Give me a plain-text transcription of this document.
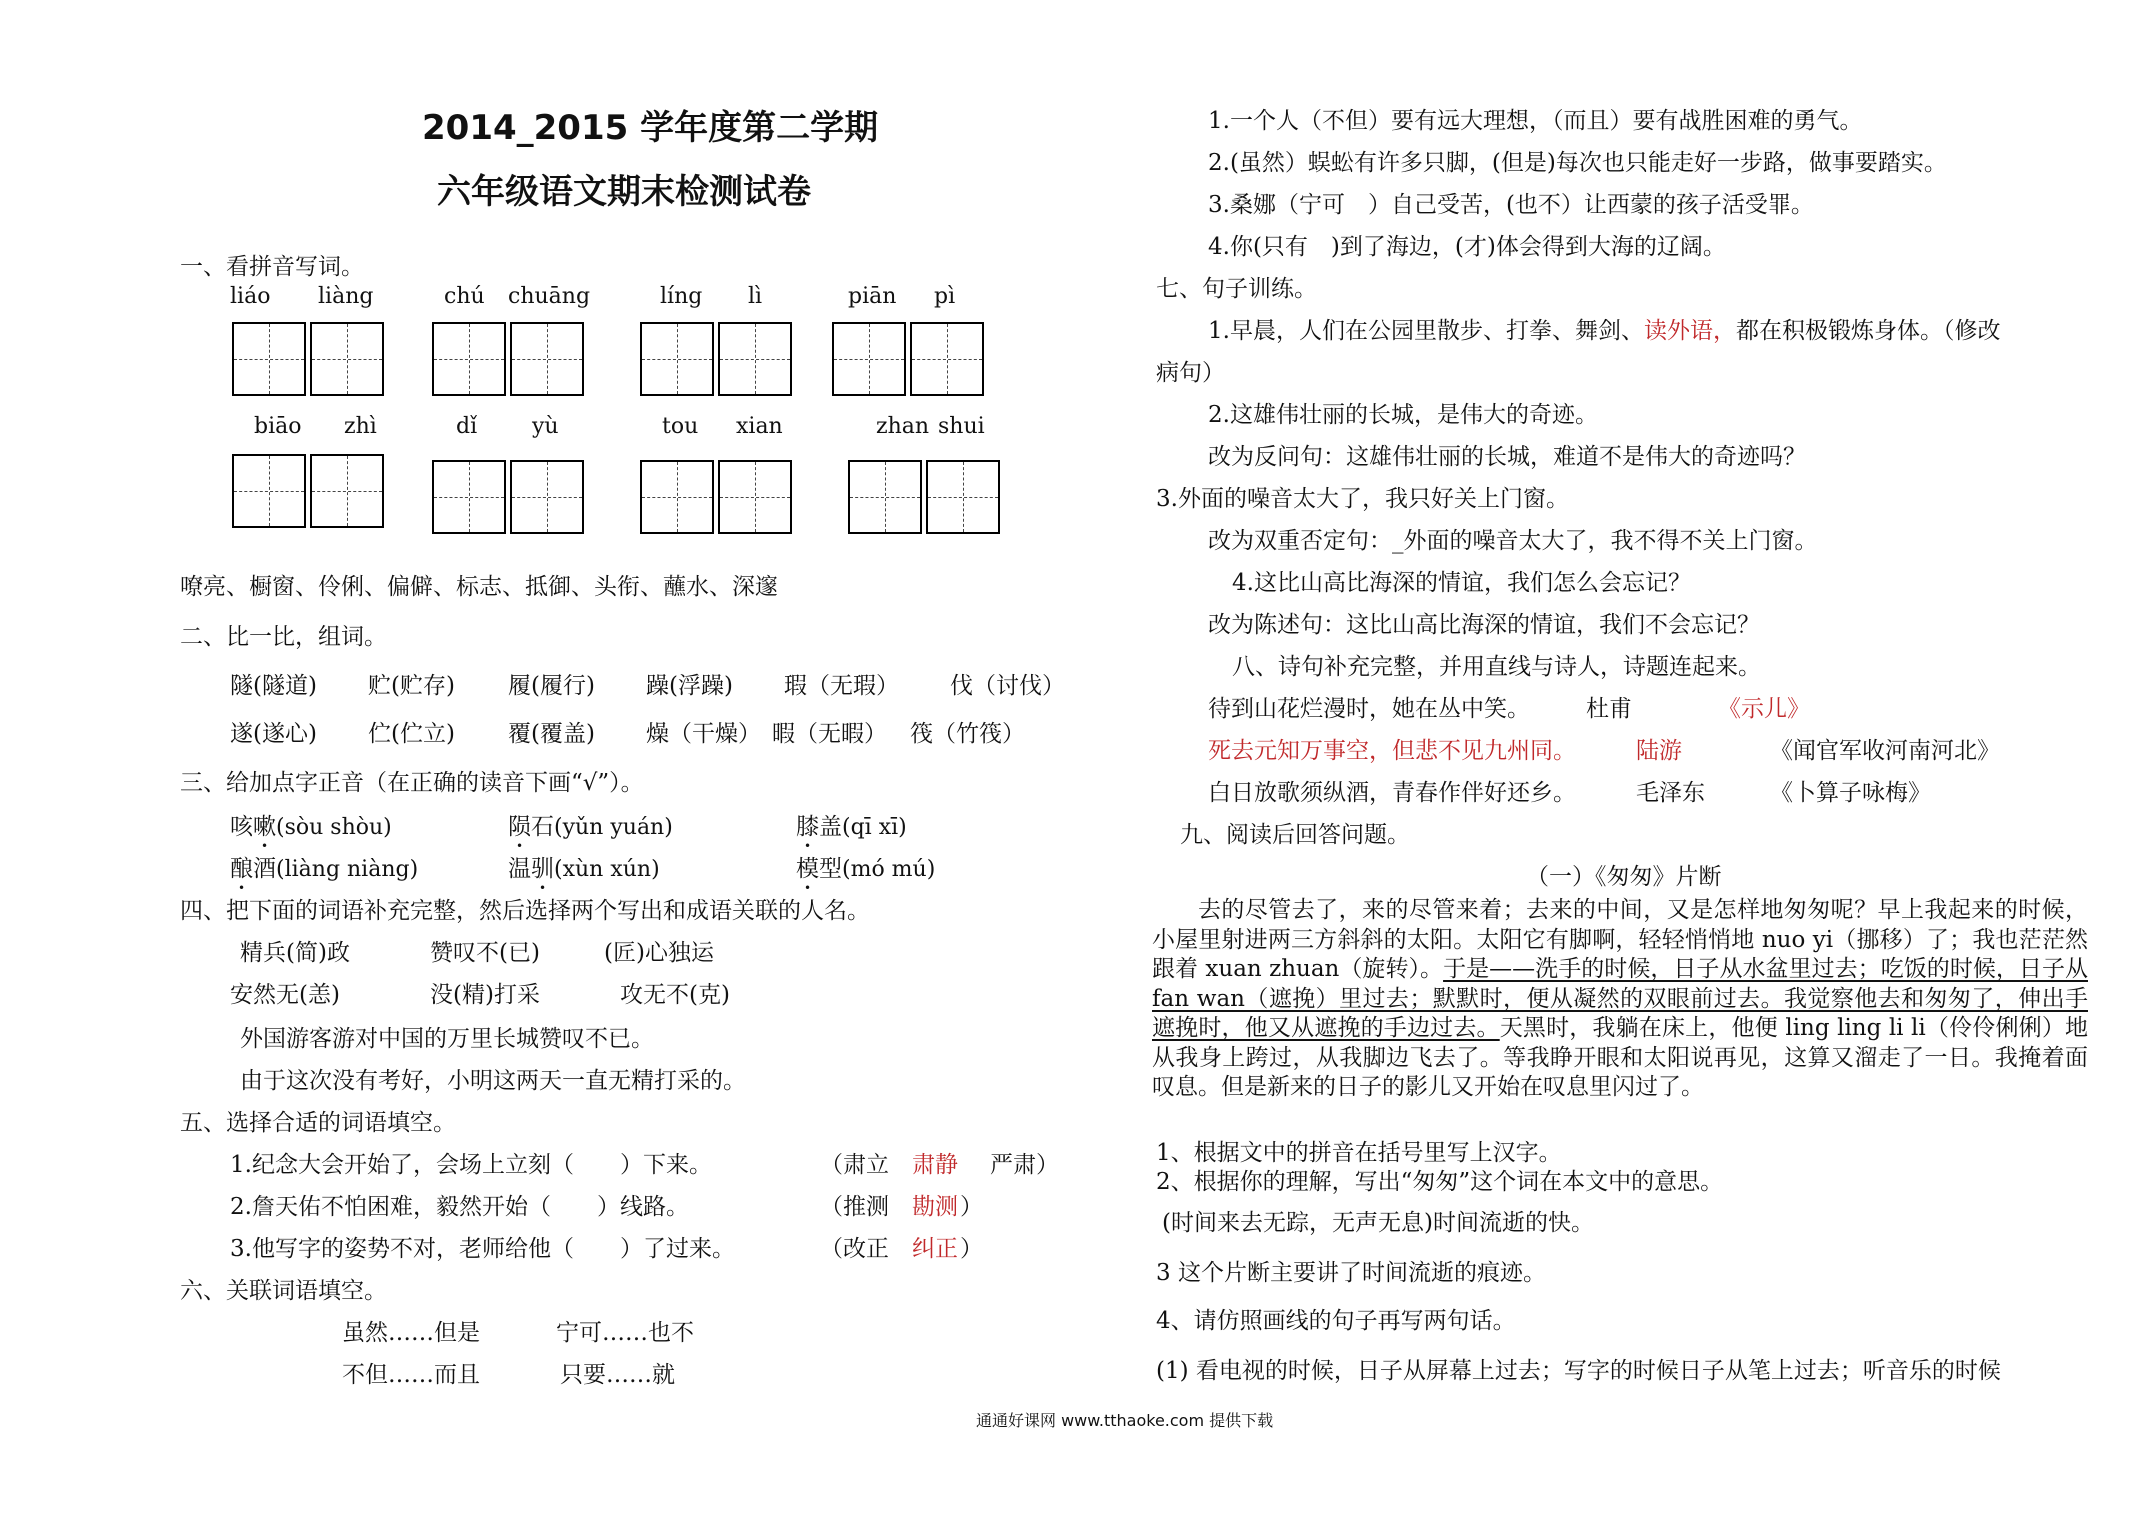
2014_2015 学年度第二学期
六年级语文期末检测试卷
一、看拼音写词。
liáo liàng	chú chuāng	líng lì	piān pì
biāo zhì	dǐ yù	tou xian	zhan shui
嘹亮、橱窗、伶俐、偏僻、标志、抵御、头衔、蘸水、深邃
二、比一比，组词。
隧(隧道) 贮(贮存) 履(履行) 躁(浮躁) 瑕（无瑕） 伐（讨伐）
遂(遂心) 伫(伫立) 覆(覆盖) 燥（干燥） 暇（无暇） 筏（竹筏）
三、给加点字正音（在正确的读音下画“√”）。
咳嗽(sòu shòu)	陨石(yǔn yuán)	膝盖(qī xī)
酿酒(liàng niàng)	温驯(xùn xún)	模型(mó mú)
四、把下面的词语补充完整，然后选择两个写出和成语关联的人名。
精兵(简)政	赞叹不(已)	(匠)心独运
安然无(恙)	没(精)打采	攻无不(克)
外国游客游对中国的万里长城赞叹不已。
由于这次没有考好，小明这两天一直无精打采的。
五、选择合适的词语填空。
1.纪念大会开始了，会场上立刻（　　）下来。	（肃立 肃静 严肃）
2.詹天佑不怕困难，毅然开始（　　）线路。	（推测 勘测 ）
3.他写字的姿势不对，老师给他（　　）了过来。	（改正 纠正 ）
六、关联词语填空。
虽然……但是	宁可……也不
不但……而且	只要……就
1.一个人（不但）要有远大理想，（而且）要有战胜困难的勇气。
2.(虽然）蜈蚣有许多只脚，(但是)每次也只能走好一步路，做事要踏实。
3.桑娜（宁可　）自己受苦，(也不）让西蒙的孩子活受罪。
4.你(只有　)到了海边，(才)体会得到大海的辽阔。
七、句子训练。
1.早晨，人们在公园里散步、打拳、舞剑、读外语，都在积极锻炼身体。（修改
病句）
2.这雄伟壮丽的长城，是伟大的奇迹。
改为反问句：这雄伟壮丽的长城，难道不是伟大的奇迹吗？
3.外面的噪音太大了，我只好关上门窗。
改为双重否定句：_外面的噪音太大了，我不得不关上门窗。
4.这比山高比海深的情谊，我们怎么会忘记？
改为陈述句：这比山高比海深的情谊，我们不会忘记？
八、诗句补充完整，并用直线与诗人，诗题连起来。
待到山花烂漫时，她在丛中笑。 杜甫	《示儿》
死去元知万事空，但悲不见九州同。	陆游	《闻官军收河南河北》
白日放歌须纵酒，青春作伴好还乡。	毛泽东	《卜算子咏梅》
九、阅读后回答问题。
（一）《匆匆》片断
去的尽管去了，来的尽管来着；去来的中间，又是怎样地匆匆呢？早上我起来的时候，小屋里射进两三方斜斜的太阳。太阳它有脚啊，轻轻悄悄地 nuo yi（挪移）了；我也茫茫然跟着 xuan zhuan（旋转）。于是——洗手的时候，日子从水盆里过去；吃饭的时候，日子从 fan wan（遮挽）里过去；默默时，便从凝然的双眼前过去。我觉察他去和匆匆了，伸出手遮挽时，他又从遮挽的手边过去。天黑时，我躺在床上，他便 ling ling li li（伶伶俐俐）地从我身上跨过，从我脚边飞去了。等我睁开眼和太阳说再见，这算又溜走了一日。我掩着面叹息。但是新来的日子的影儿又开始在叹息里闪过了。
1、根据文中的拼音在括号里写上汉字。
2、根据你的理解，写出“匆匆”这个词在本文中的意思。
(时间来去无踪，无声无息)时间流逝的快。
3 这个片断主要讲了时间流逝的痕迹。
4、请仿照画线的句子再写两句话。
(1) 看电视的时候，日子从屏幕上过去；写字的时候日子从笔上过去；听音乐的时候
通通好课网 www.tthaoke.com 提供下载
